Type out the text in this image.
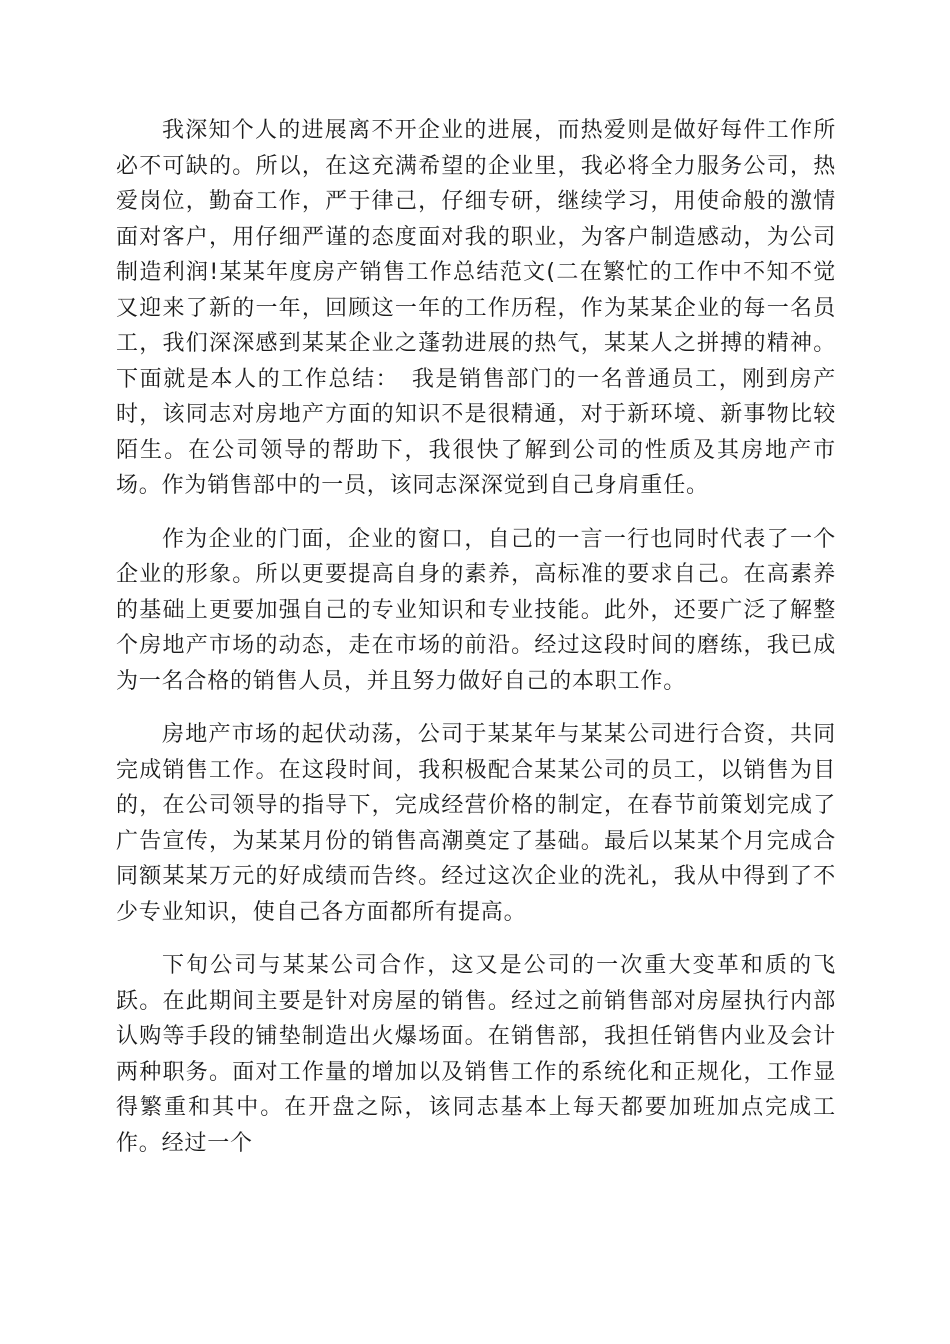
我深知个人的进展离不开企业的进展，而热爱则是做好每件工作所必不可缺的。所以，在这充满希望的企业里，我必将全力服务公司，热爱岗位，勤奋工作，严于律己，仔细专研，继续学习，用使命般的激情面对客户，用仔细严谨的态度面对我的职业，为客户制造感动，为公司制造利润!某某年度房产销售工作总结范文(二在繁忙的工作中不知不觉又迎来了新的一年，回顾这一年的工作历程，作为某某企业的每一名员工，我们深深感到某某企业之蓬勃进展的热气，某某人之拼搏的精神。下面就是本人的工作总结：　我是销售部门的一名普通员工，刚到房产时，该同志对房地产方面的知识不是很精通，对于新环境、新事物比较陌生。在公司领导的帮助下，我很快了解到公司的性质及其房地产市场。作为销售部中的一员，该同志深深觉到自己身肩重任。

作为企业的门面，企业的窗口，自己的一言一行也同时代表了一个企业的形象。所以更要提高自身的素养，高标准的要求自己。在高素养的基础上更要加强自己的专业知识和专业技能。此外，还要广泛了解整个房地产市场的动态，走在市场的前沿。经过这段时间的磨练，我已成为一名合格的销售人员，并且努力做好自己的本职工作。

房地产市场的起伏动荡，公司于某某年与某某公司进行合资，共同完成销售工作。在这段时间，我积极配合某某公司的员工，以销售为目的，在公司领导的指导下，完成经营价格的制定，在春节前策划完成了广告宣传，为某某月份的销售高潮奠定了基础。最后以某某个月完成合同额某某万元的好成绩而告终。经过这次企业的洗礼，我从中得到了不少专业知识，使自己各方面都所有提高。

下旬公司与某某公司合作，这又是公司的一次重大变革和质的飞跃。在此期间主要是针对房屋的销售。经过之前销售部对房屋执行内部认购等手段的铺垫制造出火爆场面。在销售部，我担任销售内业及会计两种职务。面对工作量的增加以及销售工作的系统化和正规化，工作显得繁重和其中。在开盘之际，该同志基本上每天都要加班加点完成工作。经过一个
